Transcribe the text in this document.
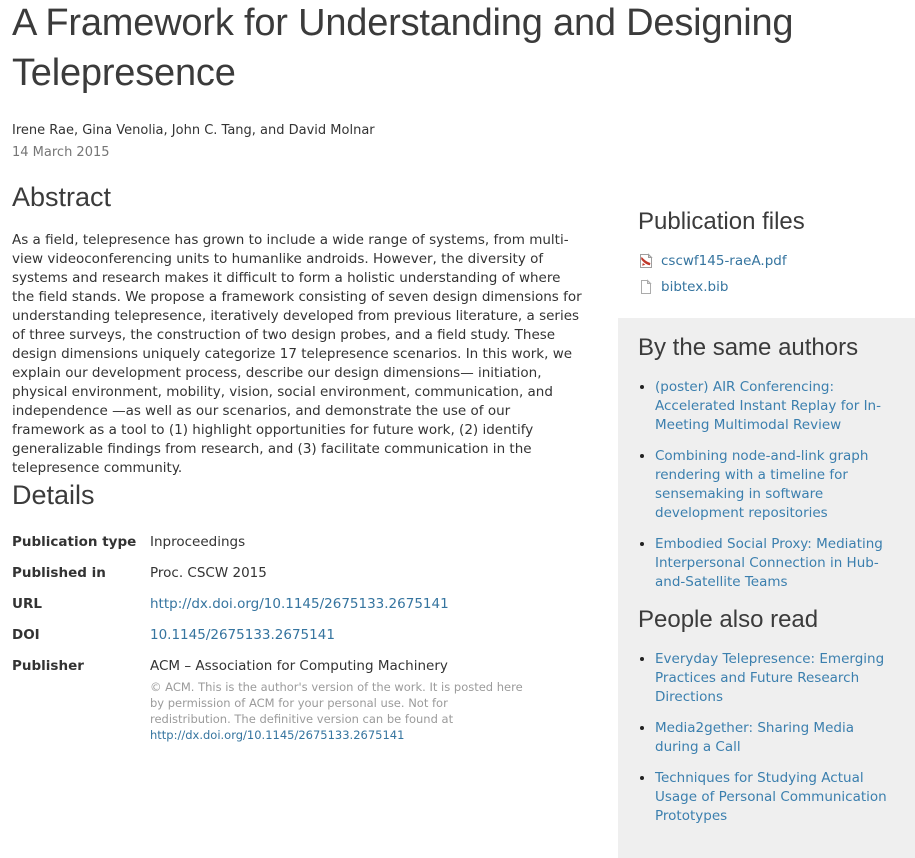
A Framework for Understanding and Designing
Telepresence
Irene Rae, Gina Venolia, John C. Tang, and David Molnar
14 March 2015
Abstract
As a field, telepresence has grown to include a wide range of systems, from multi-view videoconferencing units to humanlike androids. However, the diversity of systems and research makes it difficult to form a holistic understanding of where the field stands. We propose a framework consisting of seven design dimensions for understanding telepresence, iteratively developed from previous literature, a series of three surveys, the construction of two design probes, and a field study. These design dimensions uniquely categorize 17 telepresence scenarios. In this work, we explain our development process, describe our design dimensions— initiation, physical environment, mobility, vision, social environment, communication, and independence —as well as our scenarios, and demonstrate the use of our framework as a tool to (1) highlight opportunities for future work, (2) identify generalizable findings from research, and (3) facilitate communication in the telepresence community.
Details
Publication type	Inproceedings
Published in	Proc. CSCW 2015
URL	http://dx.doi.org/10.1145/2675133.2675141
DOI	10.1145/2675133.2675141
Publisher	ACM – Association for Computing Machinery
© ACM. This is the author's version of the work. It is posted here by permission of ACM for your personal use. Not for redistribution. The definitive version can be found at
http://dx.doi.org/10.1145/2675133.2675141
Publication files
cscwf145-raeA.pdf
bibtex.bib
By the same authors
• (poster) AIR Conferencing: Accelerated Instant Replay for In-Meeting Multimodal Review
• Combining node-and-link graph rendering with a timeline for sensemaking in software development repositories
• Embodied Social Proxy: Mediating Interpersonal Connection in Hub-and-Satellite Teams
People also read
• Everyday Telepresence: Emerging Practices and Future Research Directions
• Media2gether: Sharing Media during a Call
• Techniques for Studying Actual Usage of Personal Communication Prototypes
